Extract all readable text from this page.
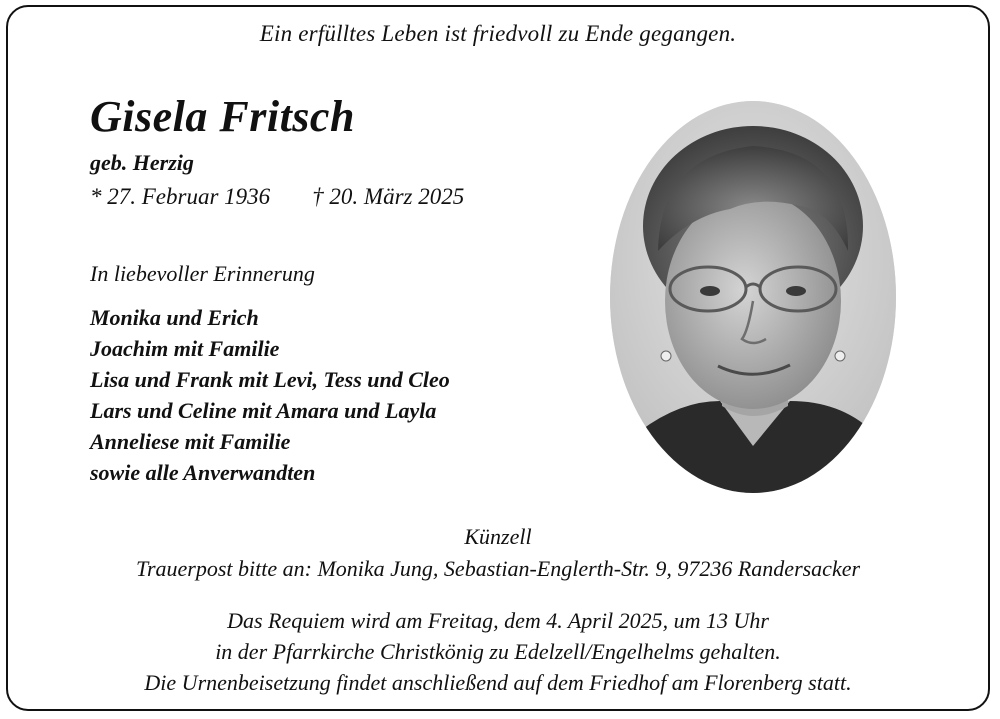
Ein erfülltes Leben ist friedvoll zu Ende gegangen.
Gisela Fritsch
geb. Herzig
* 27. Februar 1936 † 20. März 2025
In liebevoller Erinnerung
Monika und Erich
Joachim mit Familie
Lisa und Frank mit Levi, Tess und Cleo
Lars und Celine mit Amara und Layla
Anneliese mit Familie
sowie alle Anverwandten
Künzell
Trauerpost bitte an: Monika Jung, Sebastian-Englerth-Str. 9, 97236 Randersacker
Das Requiem wird am Freitag, dem 4. April 2025, um 13 Uhr
in der Pfarrkirche Christkönig zu Edelzell/Engelhelms gehalten.
Die Urnenbeisetzung findet anschließend auf dem Friedhof am Florenberg statt.
